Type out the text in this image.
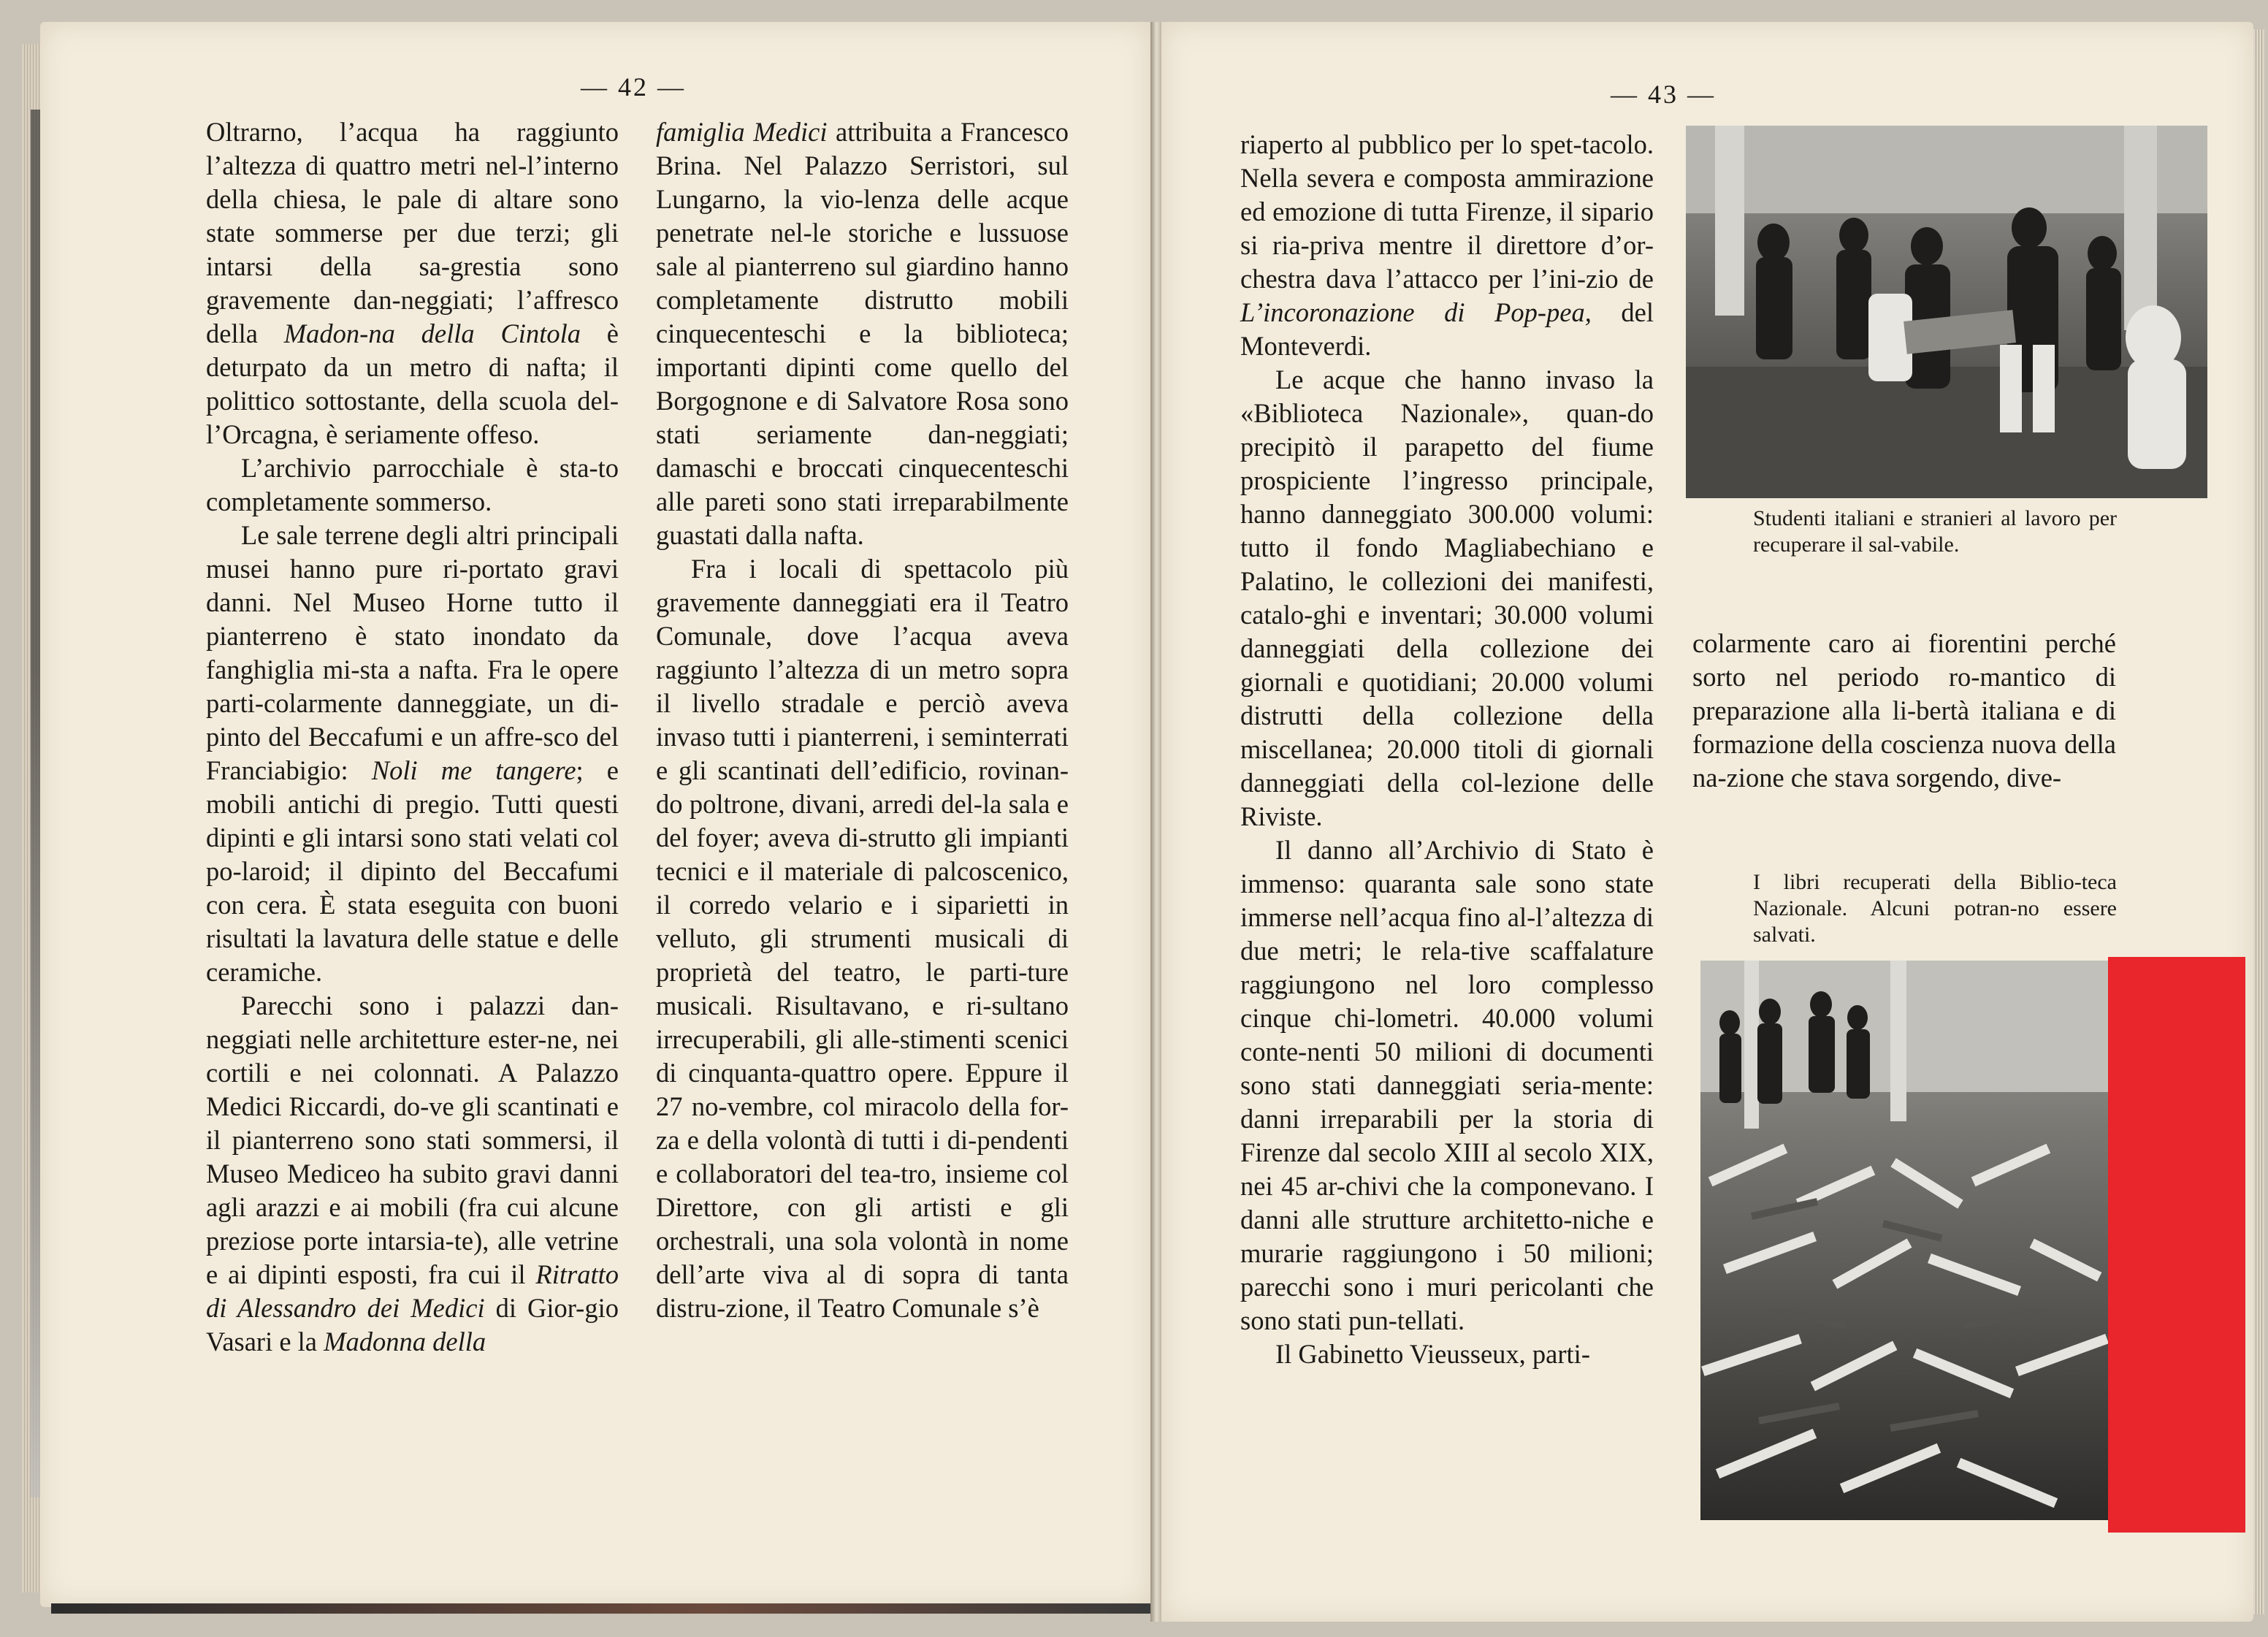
— 42 —	— 43 —

Oltrarno, l’acqua ha raggiunto l’altezza di quattro metri nel-l’interno della chiesa, le pale di altare sono state sommerse per due terzi; gli intarsi della sa-grestia sono gravemente dan-neggiati; l’affresco della Madon-na della Cintola è deturpato da un metro di nafta; il polittico sottostante, della scuola del-l’Orcagna, è seriamente offeso.

L’archivio parrocchiale è sta-to completamente sommerso.

Le sale terrene degli altri principali musei hanno pure ri-portato gravi danni. Nel Museo Horne tutto il pianterreno è stato inondato da fanghiglia mi-sta a nafta. Fra le opere parti-colarmente danneggiate, un di-pinto del Beccafumi e un affre-sco del Franciabigio: Noli me tangere; e mobili antichi di pregio. Tutti questi dipinti e gli intarsi sono stati velati col po-laroid; il dipinto del Beccafumi con cera. È stata eseguita con buoni risultati la lavatura delle statue e delle ceramiche.

Parecchi sono i palazzi dan-neggiati nelle architetture ester-ne, nei cortili e nei colonnati. A Palazzo Medici Riccardi, do-ve gli scantinati e il pianterreno sono stati sommersi, il Museo Mediceo ha subito gravi danni agli arazzi e ai mobili (fra cui alcune preziose porte intarsia-te), alle vetrine e ai dipinti esposti, fra cui il Ritratto di Alessandro dei Medici di Gior-gio Vasari e la Madonna della

famiglia Medici attribuita a Francesco Brina. Nel Palazzo Serristori, sul Lungarno, la vio-lenza delle acque penetrate nel-le storiche e lussuose sale al pianterreno sul giardino hanno completamente distrutto mobili cinquecenteschi e la biblioteca; importanti dipinti come quello del Borgognone e di Salvatore Rosa sono stati seriamente dan-neggiati; damaschi e broccati cinquecenteschi alle pareti sono stati irreparabilmente guastati dalla nafta.

Fra i locali di spettacolo più gravemente danneggiati era il Teatro Comunale, dove l’acqua aveva raggiunto l’altezza di un metro sopra il livello stradale e perciò aveva invaso tutti i pianterreni, i seminterrati e gli scantinati dell’edificio, rovinan-do poltrone, divani, arredi del-la sala e del foyer; aveva di-strutto gli impianti tecnici e il materiale di palcoscenico, il corredo velario e i siparietti in velluto, gli strumenti musicali di proprietà del teatro, le parti-ture musicali. Risultavano, e ri-sultano irrecuperabili, gli alle-stimenti scenici di cinquanta-quattro opere. Eppure il 27 no-vembre, col miracolo della for-za e della volontà di tutti i di-pendenti e collaboratori del tea-tro, insieme col Direttore, con gli artisti e gli orchestrali, una sola volontà in nome dell’arte viva al di sopra di tanta distru-zione, il Teatro Comunale s’è

riaperto al pubblico per lo spet-tacolo. Nella severa e composta ammirazione ed emozione di tutta Firenze, il sipario si ria-priva mentre il direttore d’or-chestra dava l’attacco per l’ini-zio de L’incoronazione di Pop-pea, del Monteverdi.

Le acque che hanno invaso la «Biblioteca Nazionale», quan-do precipitò il parapetto del fiume prospiciente l’ingresso principale, hanno danneggiato 300.000 volumi: tutto il fondo Magliabechiano e Palatino, le collezioni dei manifesti, catalo-ghi e inventari; 30.000 volumi danneggiati della collezione dei giornali e quotidiani; 20.000 volumi distrutti della collezione della miscellanea; 20.000 titoli di giornali danneggiati della col-lezione delle Riviste.

Il danno all’Archivio di Stato è immenso: quaranta sale sono state immerse nell’acqua fino al-l’altezza di due metri; le rela-tive scaffalature raggiungono nel loro complesso cinque chi-lometri. 40.000 volumi conte-nenti 50 milioni di documenti sono stati danneggiati seria-mente: danni irreparabili per la storia di Firenze dal secolo XIII al secolo XIX, nei 45 ar-chivi che la componevano. I danni alle strutture architetto-niche e murarie raggiungono i 50 milioni; parecchi sono i muri pericolanti che sono stati pun-tellati.

Il Gabinetto Vieusseux, parti-

colarmente caro ai fiorentini perché sorto nel periodo ro-mantico di preparazione alla li-bertà italiana e di formazione della coscienza nuova della na-zione che stava sorgendo, dive-

Studenti italiani e stranieri al lavoro per recuperare il sal-vabile.
I libri recuperati della Biblio-teca Nazionale. Alcuni potran-no essere salvati.
